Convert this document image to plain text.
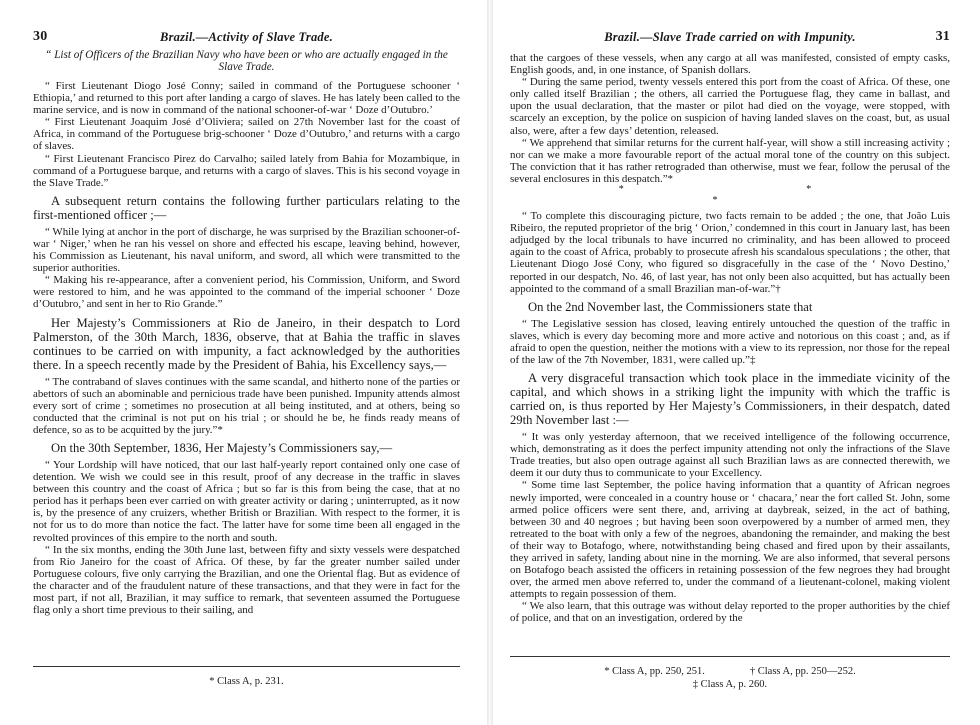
30	Brazil.—Activity of Slave Trade.
“ List of Officers of the Brazilian Navy who have been or who are actually engaged in the Slave Trade.

“ First Lieutenant Diogo José Conny; sailed in command of the Portuguese schooner ‘ Ethiopia,’ and returned to this port after landing a cargo of slaves. He has lately been called to the marine service, and is now in command of the national schooner-of-war ‘ Doze d’Outubro.’

“ First Lieutenant Joaquim José d’Oliviera; sailed on 27th November last for the coast of Africa, in command of the Portuguese brig-schooner ‘ Doze d’Outubro,’ and returns with a cargo of slaves.

“ First Lieutenant Francisco Pirez do Carvalho; sailed lately from Bahia for Mozambique, in command of a Portuguese barque, and returns with a cargo of slaves. This is his second voyage in the Slave Trade.”

A subsequent return contains the following further particulars relating to the first-mentioned officer ;—

“ While lying at anchor in the port of discharge, he was surprised by the Brazilian schooner-of-war ‘ Niger,’ when he ran his vessel on shore and effected his escape, leaving behind, however, his Commission as Lieutenant, his naval uniform, and sword, all which were transmitted to the superior authorities.

“ Making his re-appearance, after a convenient period, his Commission, Uniform, and Sword were restored to him, and he was appointed to the command of the imperial schooner ‘ Doze d’Outubro,’ and sent in her to Rio Grande.”

Her Majesty’s Commissioners at Rio de Janeiro, in their despatch to Lord Palmerston, of the 30th March, 1836, observe, that at Bahia the traffic in slaves continues to be carried on with impunity, a fact acknowledged by the authorities there. In a speech recently made by the President of Bahia, his Excellency says,—

“ The contraband of slaves continues with the same scandal, and hitherto none of the parties or abettors of such an abominable and pernicious trade have been punished. Impunity attends almost every sort of crime ; sometimes no prosecution at all being instituted, and at others, being so conducted that the criminal is not put on his trial ; or should he be, he finds ready means of defence, so as to be acquitted by the jury.”*

On the 30th September, 1836, Her Majesty’s Commissioners say,—

“ Your Lordship will have noticed, that our last half-yearly report contained only one case of detention. We wish we could see in this result, proof of any decrease in the traffic in slaves between this country and the coast of Africa ; but so far is this from being the case, that at no period has it perhaps been ever carried on with greater activity or daring ; uninterrupted, as it now is, by the presence of any cruizers, whether British or Brazilian. With respect to the former, it is not for us to do more than notice the fact. The latter have for some time been all engaged in the revolted provinces of this empire to the north and south.

“ In the six months, ending the 30th June last, between fifty and sixty vessels were despatched from Rio Janeiro for the coast of Africa. Of these, by far the greater number sailed under Portuguese colours, five only carrying the Brazilian, and one the Oriental flag. But as evidence of the character and of the fraudulent nature of these transactions, and that they were in fact for the most part, if not all, Brazilian, it may suffice to remark, that seventeen assumed the Portuguese flag only a short time previous to their sailing, and

* Class A, p. 231.
Brazil.—Slave Trade carried on with Impunity.	31

that the cargoes of these vessels, when any cargo at all was manifested, consisted of empty casks, English goods, and, in one instance, of Spanish dollars.

“ During the same period, twenty vessels entered this port from the coast of Africa. Of these, one only called itself Brazilian ; the others, all carried the Portuguese flag, they came in ballast, and upon the usual declaration, that the master or pilot had died on the voyage, were stopped, with scarcely an exception, by the police on suspicion of having landed slaves on the coast, but, as usual also, were, after a few days’ detention, released.

“ We apprehend that similar returns for the current half-year, will show a still increasing activity ; nor can we make a more favourable report of the actual moral tone of the country on this subject. The conviction that it has rather retrograded than otherwise, must we fear, follow the perusal of the several enclosures in this despatch.”*

* * *

“ To complete this discouraging picture, two facts remain to be added ; the one, that João Luis Ribeiro, the reputed proprietor of the brig ‘ Orion,’ condemned in this court in January last, has been adjudged by the local tribunals to have incurred no criminality, and has been allowed to proceed again to the coast of Africa, probably to prosecute afresh his scandalous speculations ; the other, that Lieutenant Diogo José Cony, who figured so disgracefully in the case of the ‘ Novo Destino,’ reported in our despatch, No. 46, of last year, has not only been also acquitted, but has actually been appointed to the command of a small Brazilian man-of-war.”†

On the 2nd November last, the Commissioners state that

“ The Legislative session has closed, leaving entirely untouched the question of the traffic in slaves, which is every day becoming more and more active and notorious on this coast ; and, as if afraid to open the question, neither the motions with a view to its repression, nor those for the repeal of the law of the 7th November, 1831, were called up.”‡

A very disgraceful transaction which took place in the immediate vicinity of the capital, and which shows in a striking light the impunity with which the traffic is carried on, is thus reported by Her Majesty’s Commissioners, in their despatch, dated 29th November last :—

“ It was only yesterday afternoon, that we received intelligence of the following occurrence, which, demonstrating as it does the perfect impunity attending not only the infractions of the Slave Trade treaties, but also open outrage against all such Brazilian laws as are connected therewith, we deem it our duty thus to communicate to your Excellency.

“ Some time last September, the police having information that a quantity of African negroes newly imported, were concealed in a country house or ‘ chacara,’ near the fort called St. John, some armed police officers were sent there, and, arriving at daybreak, seized, in the act of bathing, between 30 and 40 negroes ; but having been soon overpowered by a number of armed men, they retreated to the boat with only a few of the negroes, abandoning the remainder, and making the best of their way to Botafogo, where, notwithstanding being chased and fired upon by their assailants, they arrived in safety, landing about nine in the morning. We are also informed, that several persons on Botafogo beach assisted the officers in retaining possession of the few negroes they had brought over, the armed men above referred to, under the command of a lieutenant-colonel, making violent attempts to regain possession of them.

“ We also learn, that this outrage was without delay reported to the proper authorities by the chief of police, and that on an investigation, ordered by the

* Class A, pp. 250, 251.	† Class A, pp. 250—252.
‡ Class A, p. 260.
